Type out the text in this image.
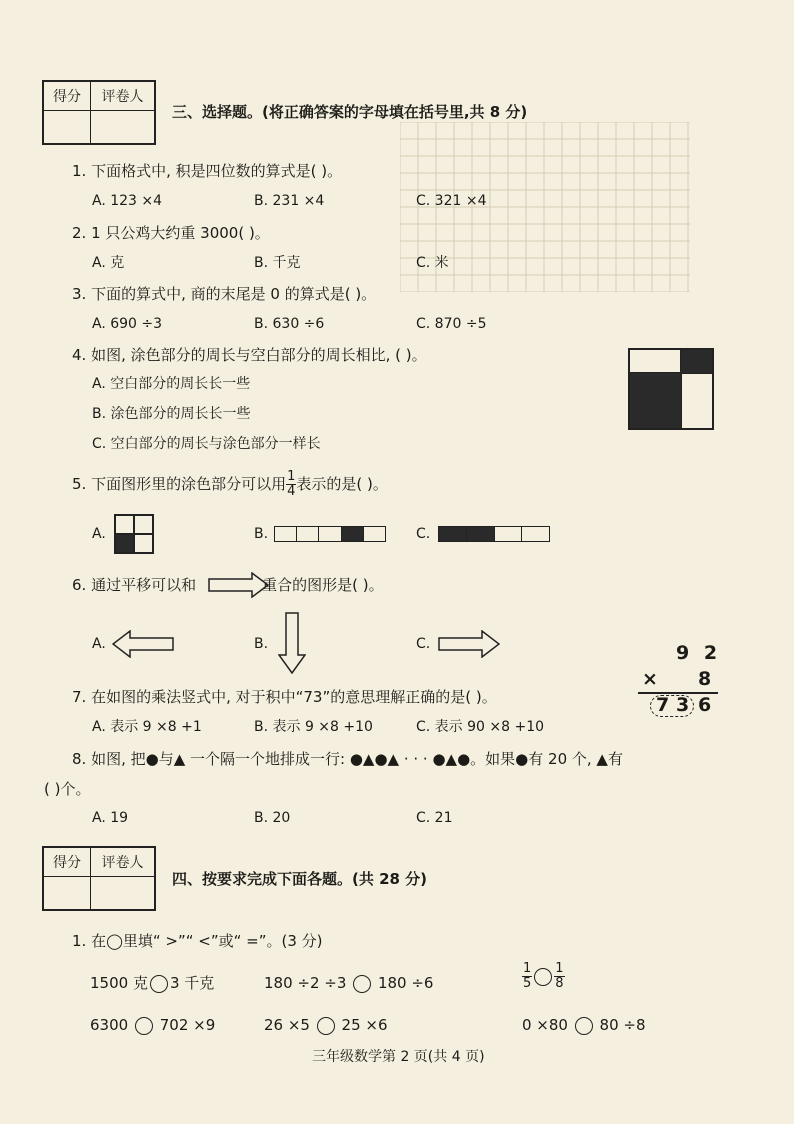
得分	评卷人

三、选择题。(将正确答案的字母填在括号里,共 8 分)
1. 下面格式中, 积是四位数的算式是( )。
A. 123 ×4	B. 231 ×4	C. 321 ×4
2. 1 只公鸡大约重 3000( )。
A. 克	B. 千克	C. 米
3. 下面的算式中, 商的末尾是 0 的算式是( )。
A. 690 ÷3	B. 630 ÷6	C. 870 ÷5
4. 如图, 涂色部分的周长与空白部分的周长相比, ( )。
A. 空白部分的周长长一些
B. 涂色部分的周长长一些
C. 空白部分的周长与涂色部分一样长
5. 下面图形里的涂色部分可以用 $\frac{1}{4}$ 表示的是( )。
A.	B.	C.
6. 通过平移可以和	重合的图形是( )。
A.	B.	C.	9 2
× 8
7 3 6
7. 在如图的乘法竖式中, 对于积中“73”的意思理解正确的是( )。
A. 表示 9 ×8 +1	B. 表示 9 ×8 +10	C. 表示 90 ×8 +10
8. 如图, 把●与▲ 一个隔一个地排成一行: ●▲●▲ · · · ●▲●。如果●有 20 个, ▲有
( )个。
A. 19	B. 20	C. 21
得分	评卷人

四、按要求完成下面各题。(共 28 分)
1. 在◯里填“ >”“ <”或“ =”。(3 分)
1500 克 3 千克	180 ÷2 ÷3 180 ÷6	$\frac{1}{5} \frac{1}{8}$
6300 702 ×9	26 ×5 25 ×6	0 ×80 80 ÷8
三年级数学第 2 页(共 4 页)
